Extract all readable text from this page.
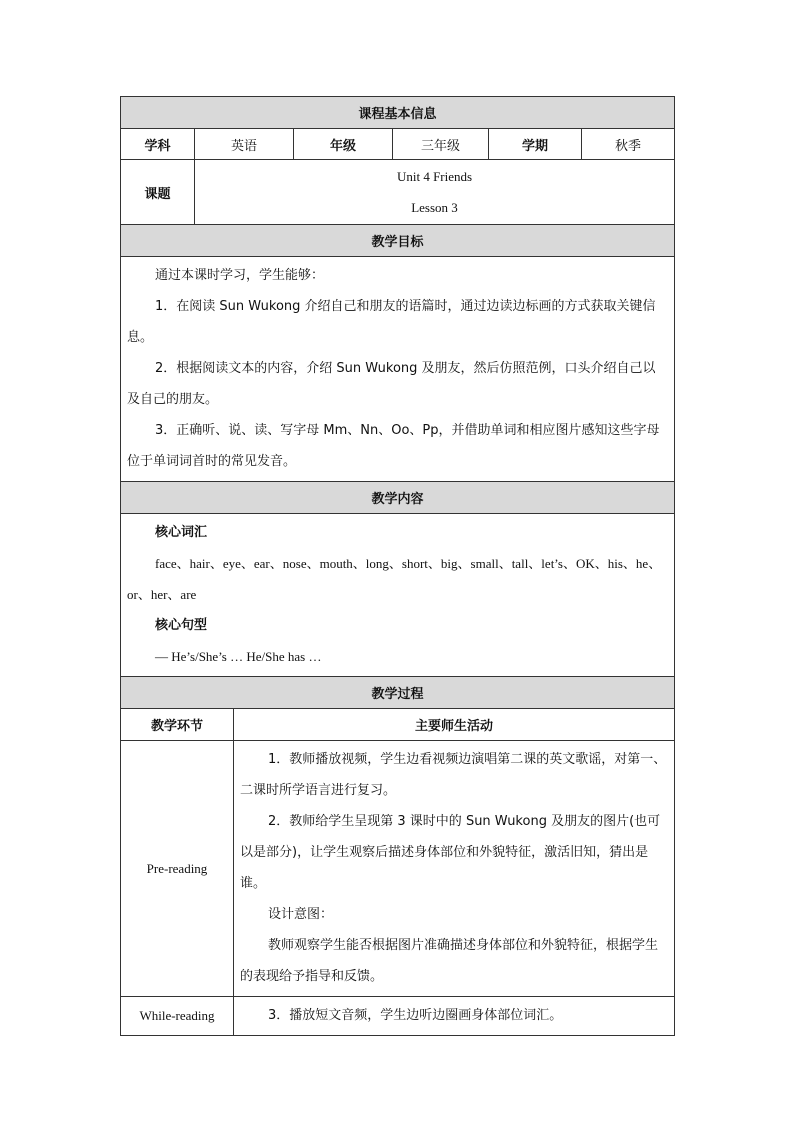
课程基本信息						
学科	英语		年级	三年级	学期	秋季
课题	Unit 4 Friends
Lesson 3					

教学目标						

通过本课时学习，学生能够：

1．在阅读 Sun Wukong 介绍自己和朋友的语篇时，通过边读边标画的方式获取关键信息。

2．根据阅读文本的内容，介绍 Sun Wukong 及朋友，然后仿照范例，口头介绍自己以及自己的朋友。

3．正确听、说、读、写字母 Mm、Nn、Oo、Pp，并借助单词和相应图片感知这些字母位于单词词首时的常见发音。						

教学内容						

核心词汇

face、hair、eye、ear、nose、mouth、long、short、big、small、tall、let’s、OK、his、he、or、her、are

核心句型

— He’s/She’s … He/She has …						

教学过程						
教学环节		主要师生活动				
Pre-reading		1．教师播放视频，学生边看视频边演唱第二课的英文歌谣，对第一、二课时所学语言进行复习。

2．教师给学生呈现第 3 课时中的 Sun Wukong 及朋友的图片(也可以是部分)，让学生观察后描述身体部位和外貌特征，激活旧知，猜出是谁。

设计意图：

教师观察学生能否根据图片准确描述身体部位和外貌特征，根据学生的表现给予指导和反馈。				

While-reading		3．播放短文音频，学生边听边圈画身体部位词汇。				
